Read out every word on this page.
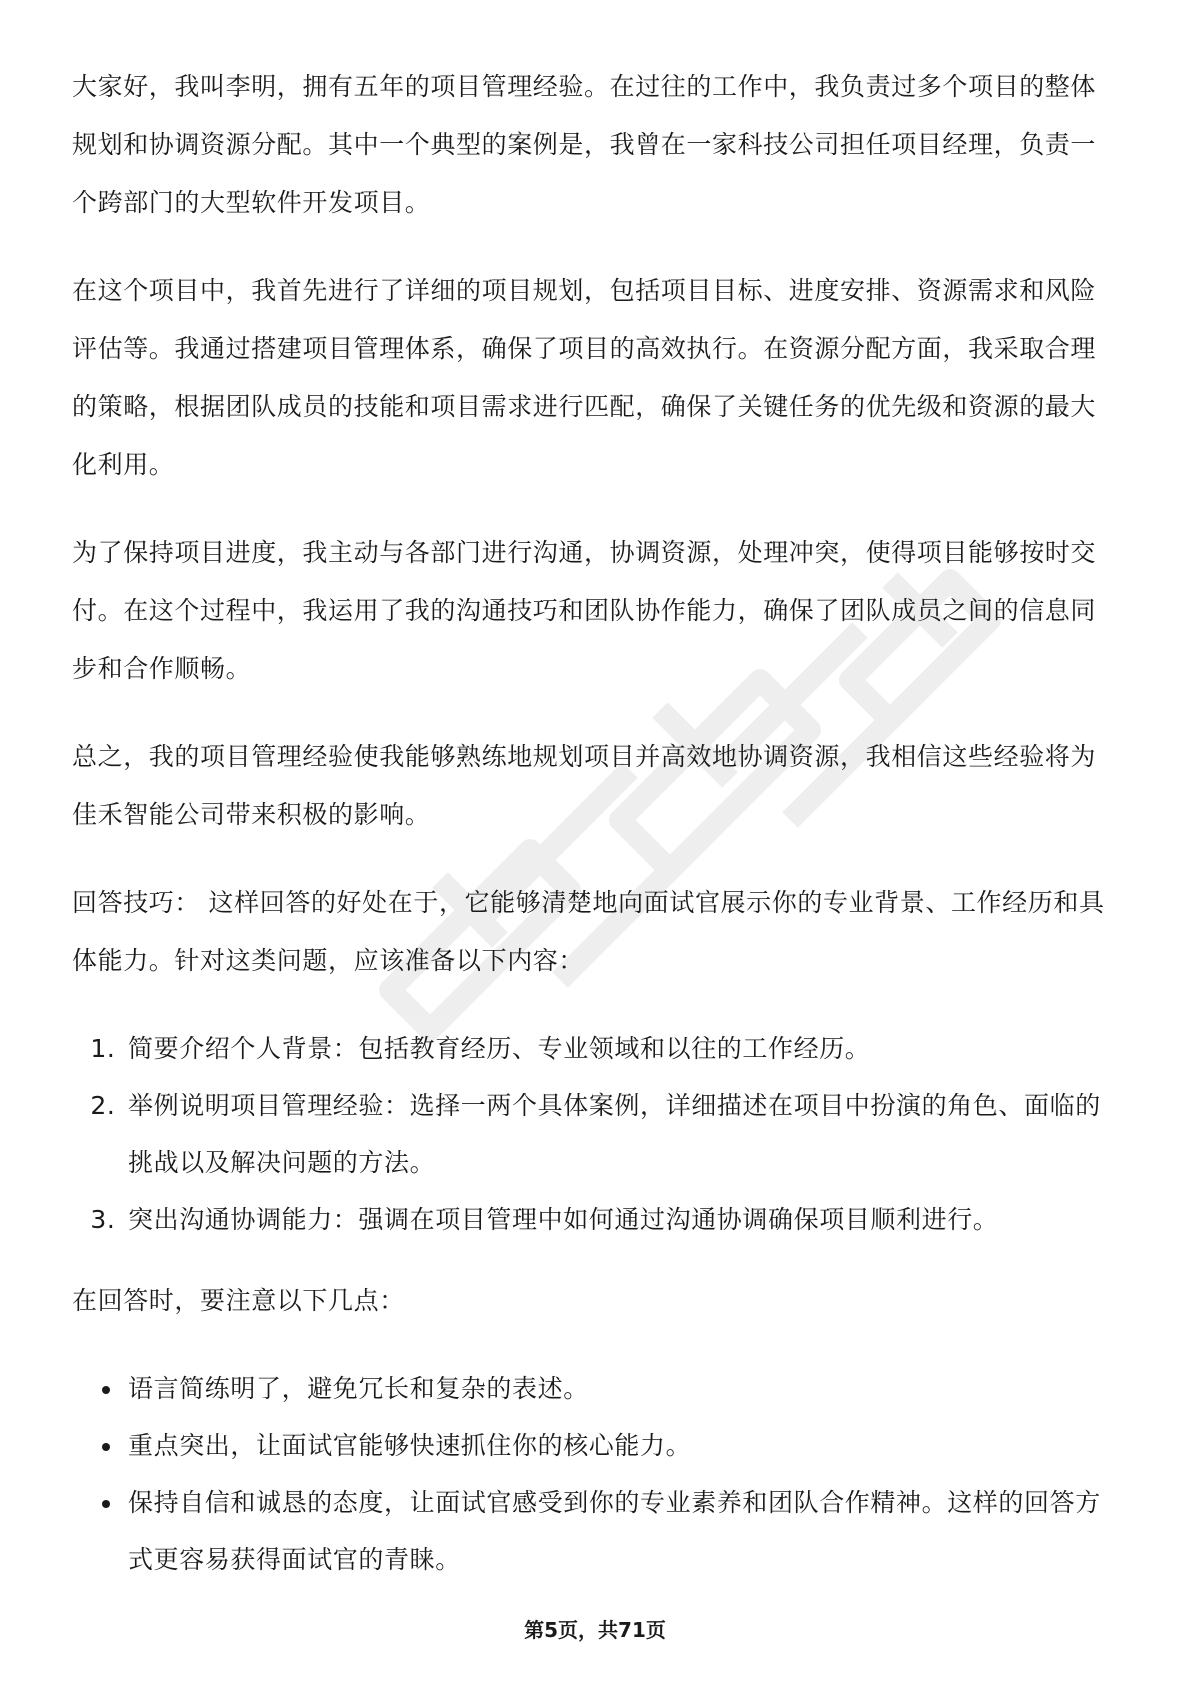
大家好，我叫李明，拥有五年的项目管理经验。在过往的工作中，我负责过多个项目的整体规划和协调资源分配。其中一个典型的案例是，我曾在一家科技公司担任项目经理，负责一个跨部门的大型软件开发项目。

在这个项目中，我首先进行了详细的项目规划，包括项目目标、进度安排、资源需求和风险评估等。我通过搭建项目管理体系，确保了项目的高效执行。在资源分配方面，我采取合理的策略，根据团队成员的技能和项目需求进行匹配，确保了关键任务的优先级和资源的最大化利用。

为了保持项目进度，我主动与各部门进行沟通，协调资源，处理冲突，使得项目能够按时交付。在这个过程中，我运用了我的沟通技巧和团队协作能力，确保了团队成员之间的信息同步和合作顺畅。

总之，我的项目管理经验使我能够熟练地规划项目并高效地协调资源，我相信这些经验将为佳禾智能公司带来积极的影响。

回答技巧： 这样回答的好处在于，它能够清楚地向面试官展示你的专业背景、工作经历和具体能力。针对这类问题，应该准备以下内容：

1. 简要介绍个人背景：包括教育经历、专业领域和以往的工作经历。
2. 举例说明项目管理经验：选择一两个具体案例，详细描述在项目中扮演的角色、面临的挑战以及解决问题的方法。
3. 突出沟通协调能力：强调在项目管理中如何通过沟通协调确保项目顺利进行。

在回答时，要注意以下几点：

• 语言简练明了，避免冗长和复杂的表述。
• 重点突出，让面试官能够快速抓住你的核心能力。
• 保持自信和诚恳的态度，让面试官感受到你的专业素养和团队合作精神。这样的回答方式更容易获得面试官的青睐。
第5页，共71页
